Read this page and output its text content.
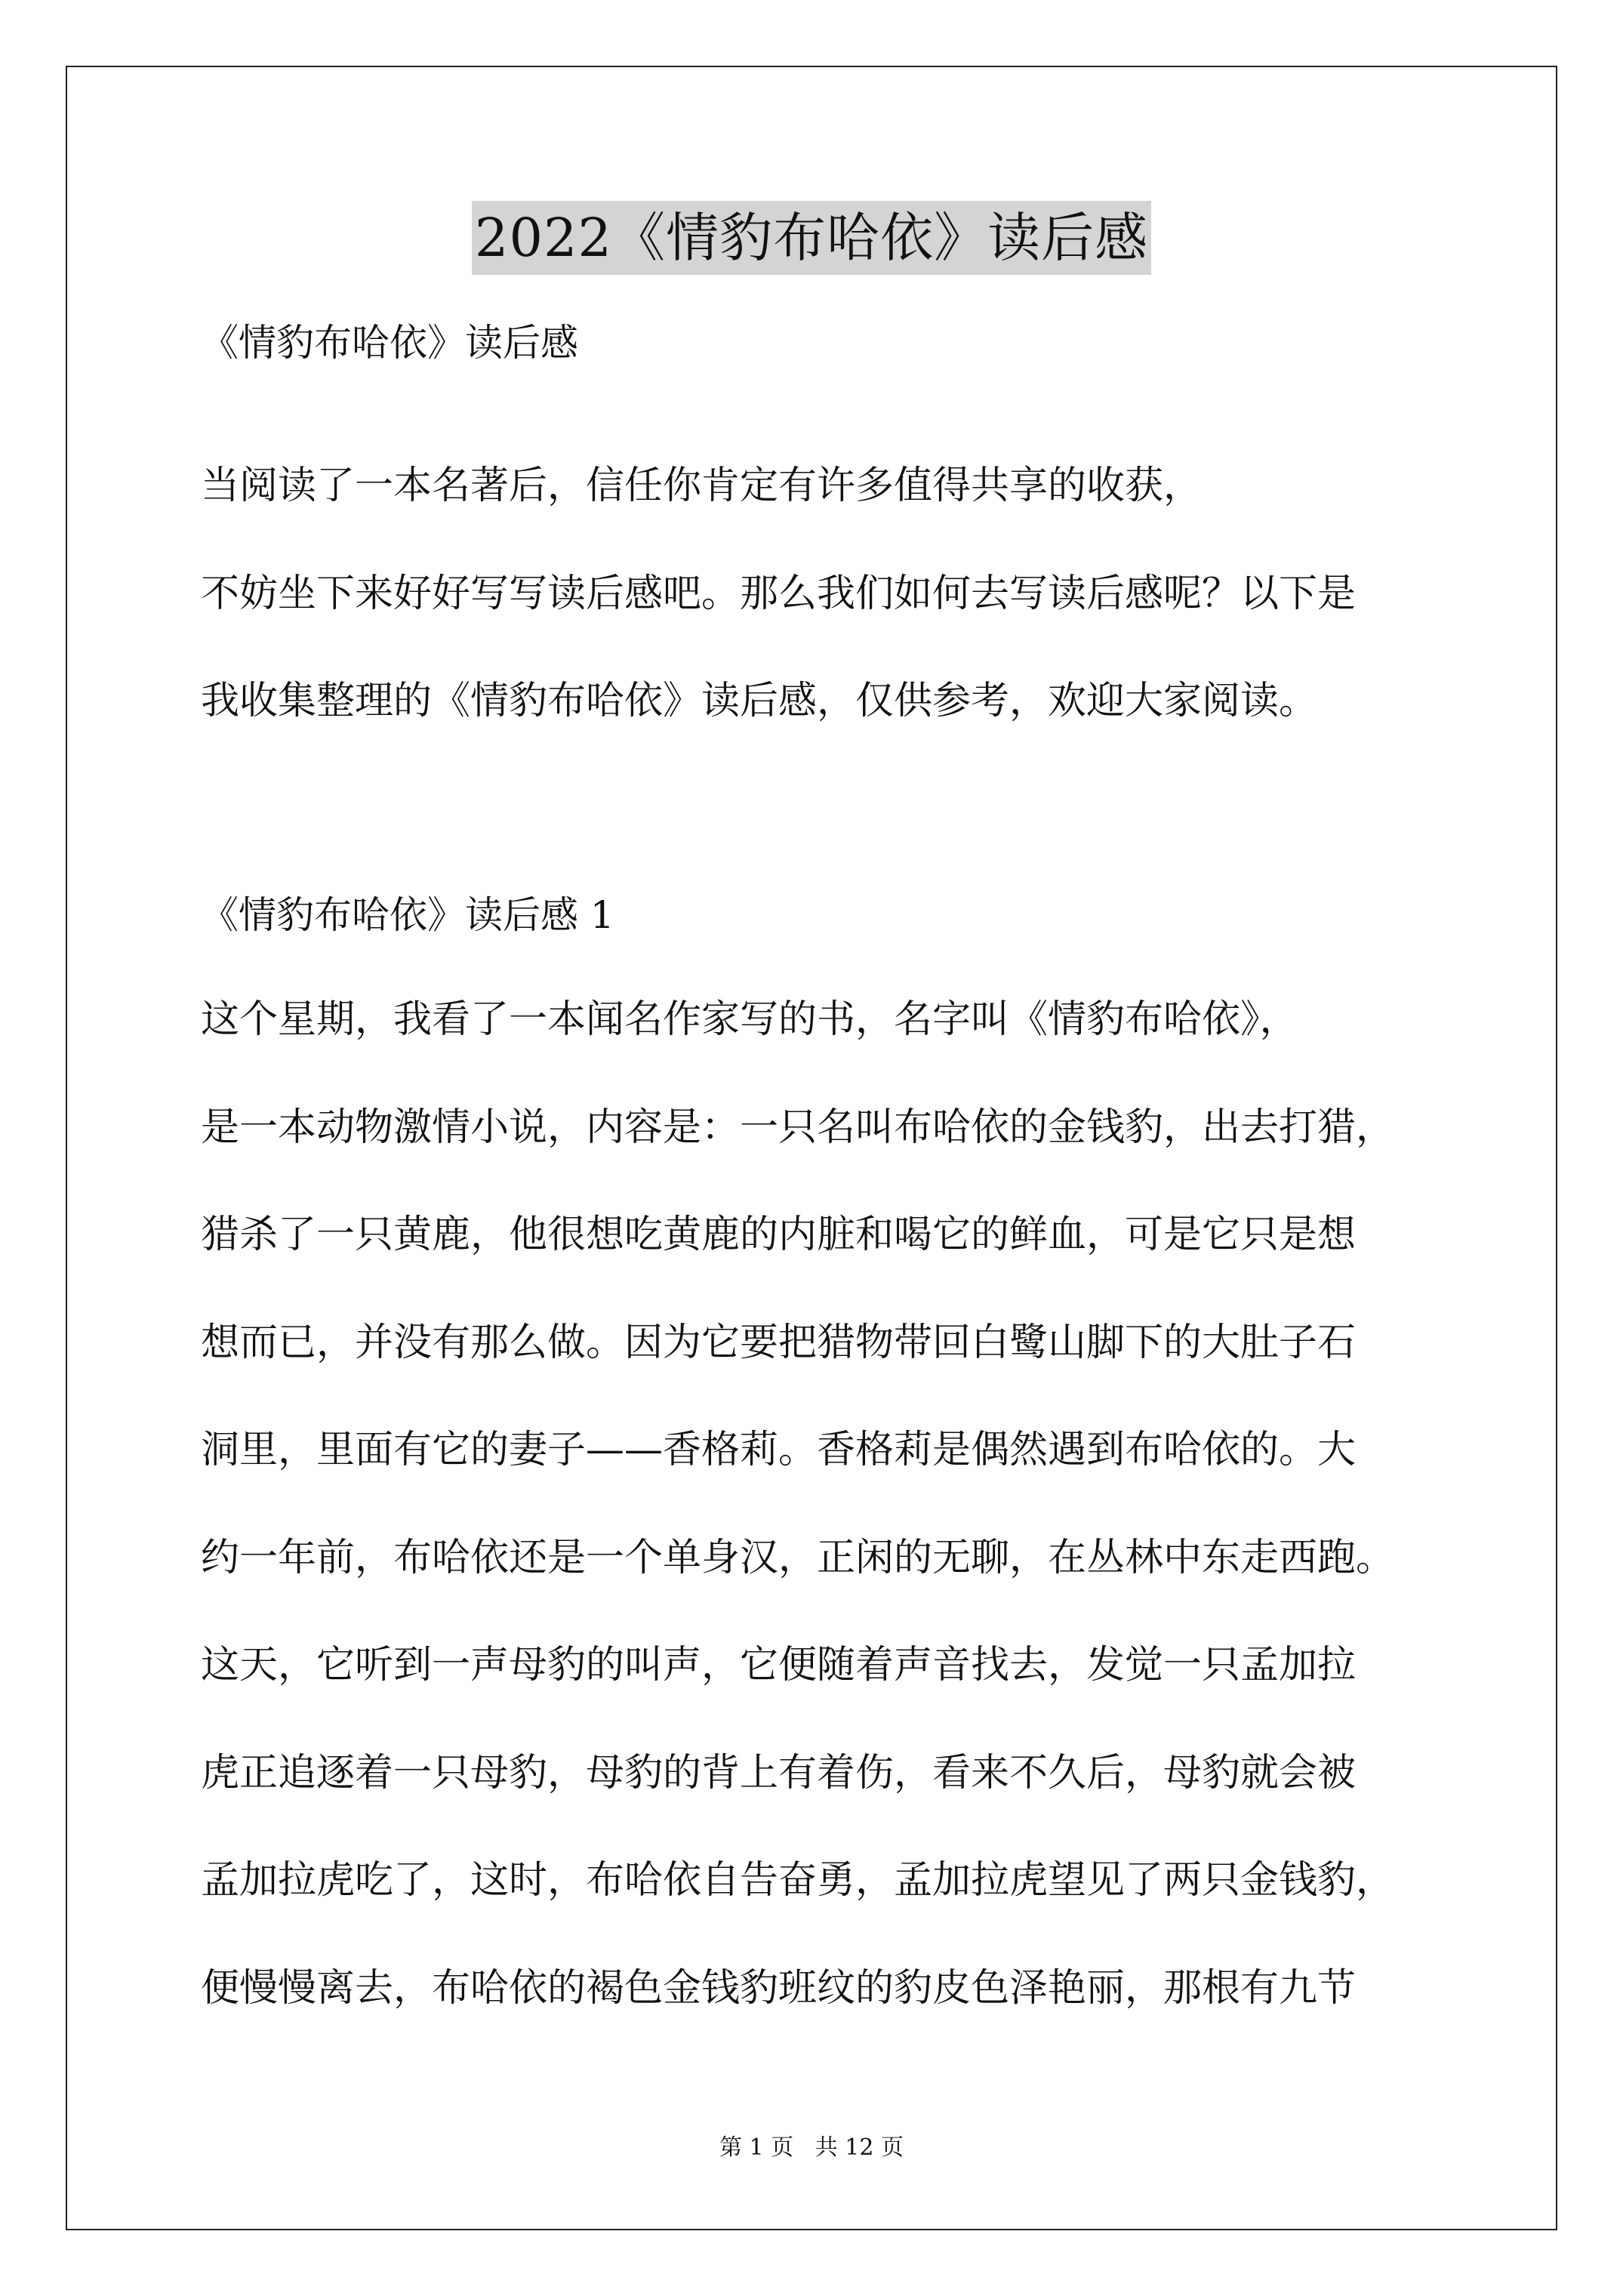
2022《情豹布哈依》读后感
《情豹布哈依》读后感
当阅读了一本名著后，信任你肯定有许多值得共享的收获，
不妨坐下来好好写写读后感吧。那么我们如何去写读后感呢？以下是
我收集整理的《情豹布哈依》读后感，仅供参考，欢迎大家阅读。
《情豹布哈依》读后感 1
这个星期，我看了一本闻名作家写的书，名字叫《情豹布哈依》，
是一本动物激情小说，内容是：一只名叫布哈依的金钱豹，出去打猎，
猎杀了一只黄鹿，他很想吃黄鹿的内脏和喝它的鲜血，可是它只是想
想而已，并没有那么做。因为它要把猎物带回白鹭山脚下的大肚子石
洞里，里面有它的妻子——香格莉。香格莉是偶然遇到布哈依的。大
约一年前，布哈依还是一个单身汉，正闲的无聊，在丛林中东走西跑。
这天，它听到一声母豹的叫声，它便随着声音找去，发觉一只孟加拉
虎正追逐着一只母豹，母豹的背上有着伤，看来不久后，母豹就会被
孟加拉虎吃了，这时，布哈依自告奋勇，孟加拉虎望见了两只金钱豹，
便慢慢离去，布哈依的褐色金钱豹班纹的豹皮色泽艳丽，那根有九节
第 1 页   共 12 页
